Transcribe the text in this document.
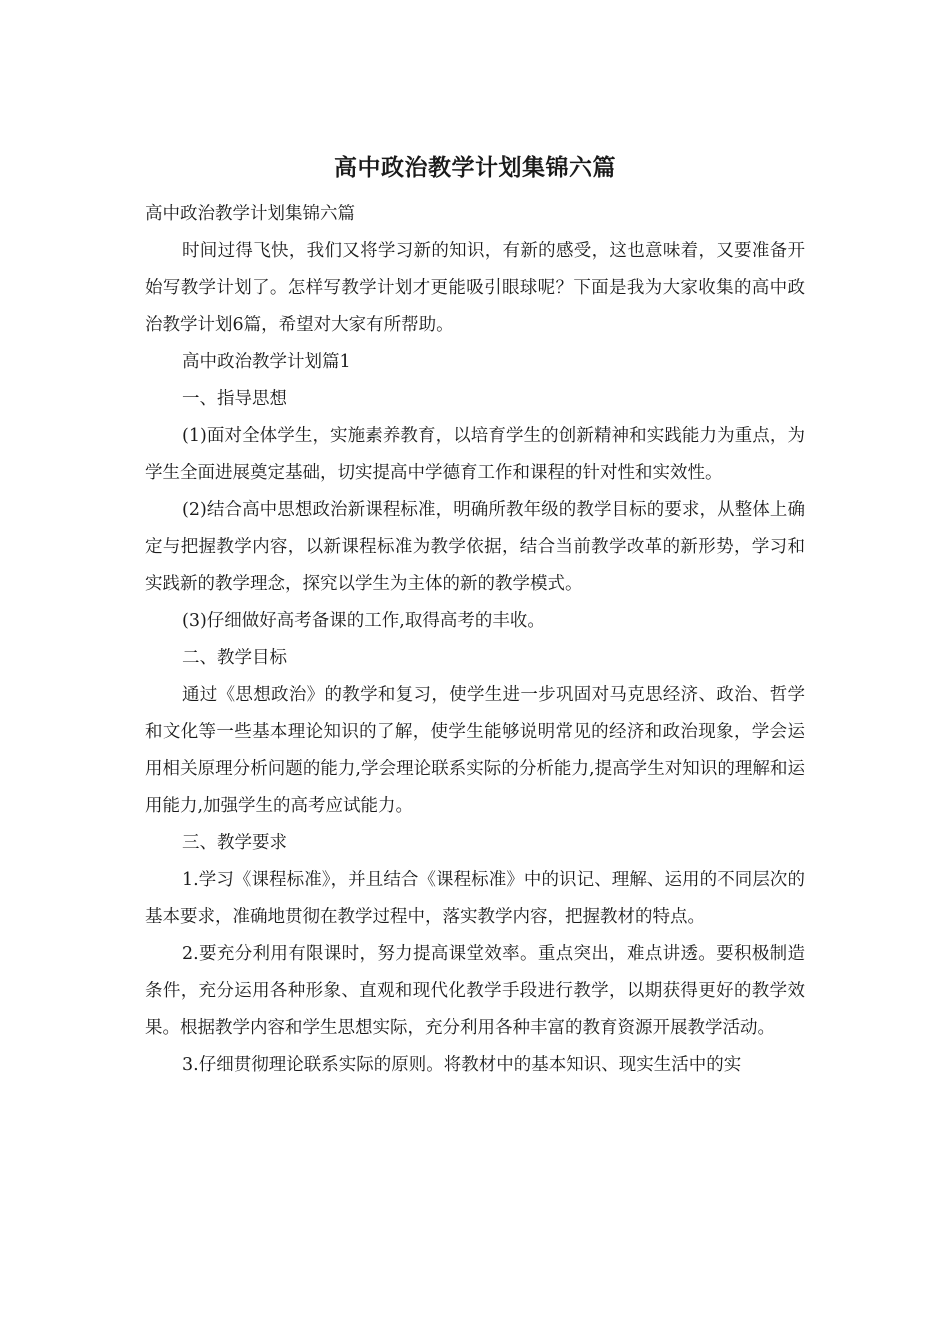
高中政治教学计划集锦六篇

高中政治教学计划集锦六篇

时间过得飞快，我们又将学习新的知识，有新的感受，这也意味着，又要准备开始写教学计划了。怎样写教学计划才更能吸引眼球呢？下面是我为大家收集的高中政治教学计划6篇，希望对大家有所帮助。

高中政治教学计划篇1

一、指导思想

(1)面对全体学生，实施素养教育，以培育学生的创新精神和实践能力为重点，为学生全面进展奠定基础，切实提高中学德育工作和课程的针对性和实效性。

(2)结合高中思想政治新课程标准，明确所教年级的教学目标的要求，从整体上确定与把握教学内容，以新课程标准为教学依据，结合当前教学改革的新形势，学习和实践新的教学理念，探究以学生为主体的新的教学模式。

(3)仔细做好高考备课的工作,取得高考的丰收。

二、教学目标

通过《思想政治》的教学和复习，使学生进一步巩固对马克思经济、政治、哲学和文化等一些基本理论知识的了解，使学生能够说明常见的经济和政治现象，学会运用相关原理分析问题的能力,学会理论联系实际的分析能力,提高学生对知识的理解和运用能力,加强学生的高考应试能力。

三、教学要求

1.学习《课程标准》，并且结合《课程标准》中的识记、理解、运用的不同层次的基本要求，准确地贯彻在教学过程中，落实教学内容，把握教材的特点。

2.要充分利用有限课时，努力提高课堂效率。重点突出，难点讲透。要积极制造条件，充分运用各种形象、直观和现代化教学手段进行教学，以期获得更好的教学效果。根据教学内容和学生思想实际，充分利用各种丰富的教育资源开展教学活动。

3.仔细贯彻理论联系实际的原则。将教材中的基本知识、现实生活中的实
